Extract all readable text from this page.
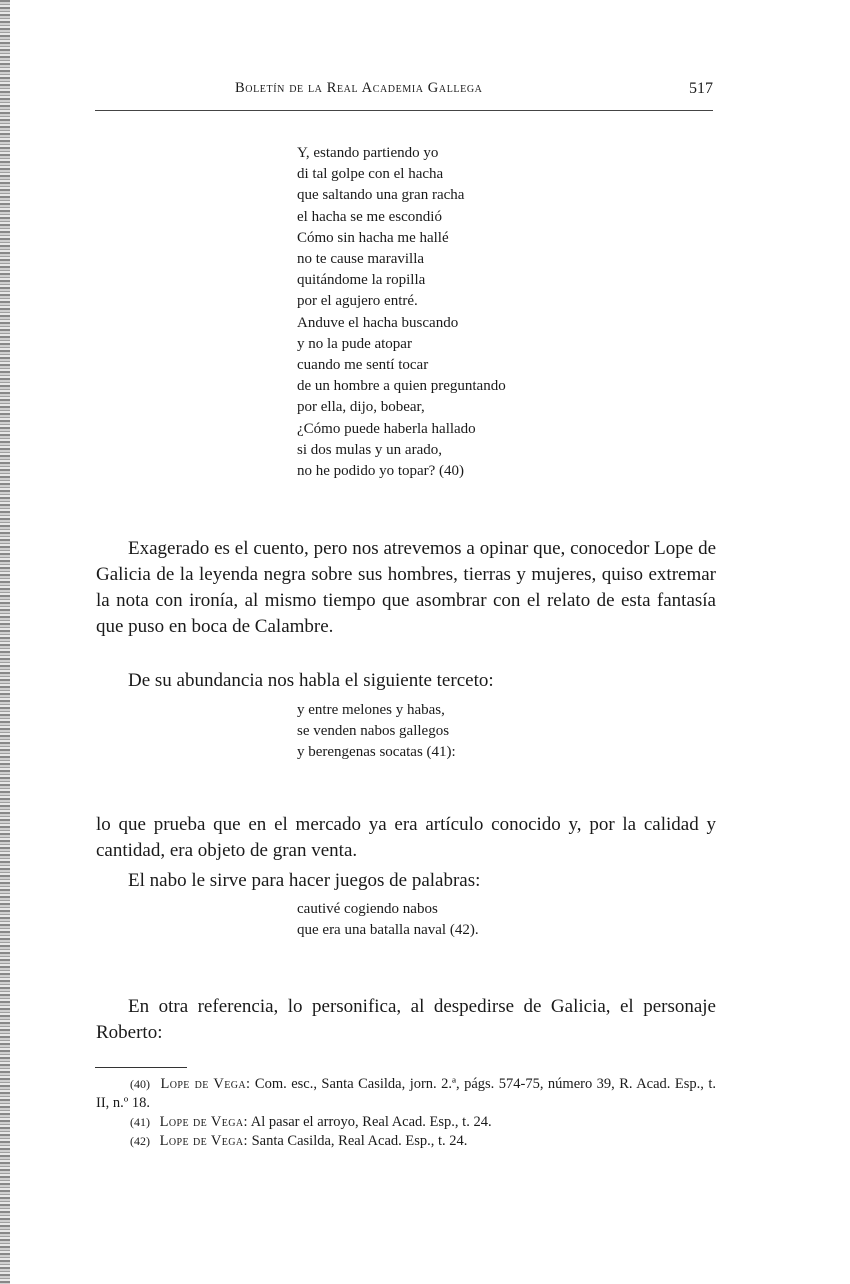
Boletín de la Real Academia Gallega	517
Y, estando partiendo yo
di tal golpe con el hacha
que saltando una gran racha
el hacha se me escondió
Cómo sin hacha me hallé
no te cause maravilla
quitándome la ropilla
por el agujero entré.
Anduve el hacha buscando
y no la pude atopar
cuando me sentí tocar
de un hombre a quien preguntando
por ella, dijo, bobear,
¿Cómo puede haberla hallado
si dos mulas y un arado,
no he podido yo topar? (40)

Exagerado es el cuento, pero nos atrevemos a opinar que, conocedor Lope de Galicia de la leyenda negra sobre sus hombres, tierras y mujeres, quiso extremar la nota con ironía, al mismo tiempo que asombrar con el relato de esta fantasía que puso en boca de Calambre.

De su abundancia nos habla el siguiente terceto:

y entre melones y habas,
se venden nabos gallegos
y berengenas socatas (41):

lo que prueba que en el mercado ya era artículo conocido y, por la calidad y cantidad, era objeto de gran venta.

El nabo le sirve para hacer juegos de palabras:

cautivé cogiendo nabos
que era una batalla naval (42).

En otra referencia, lo personifica, al despedirse de Galicia, el personaje Roberto:

(40) Lope de Vega: Com. esc., Santa Casilda, jorn. 2.ª, págs. 574-75, número 39, R. Acad. Esp., t. II, n.º 18.
(41) Lope de Vega: Al pasar el arroyo, Real Acad. Esp., t. 24.
(42) Lope de Vega: Santa Casilda, Real Acad. Esp., t. 24.
